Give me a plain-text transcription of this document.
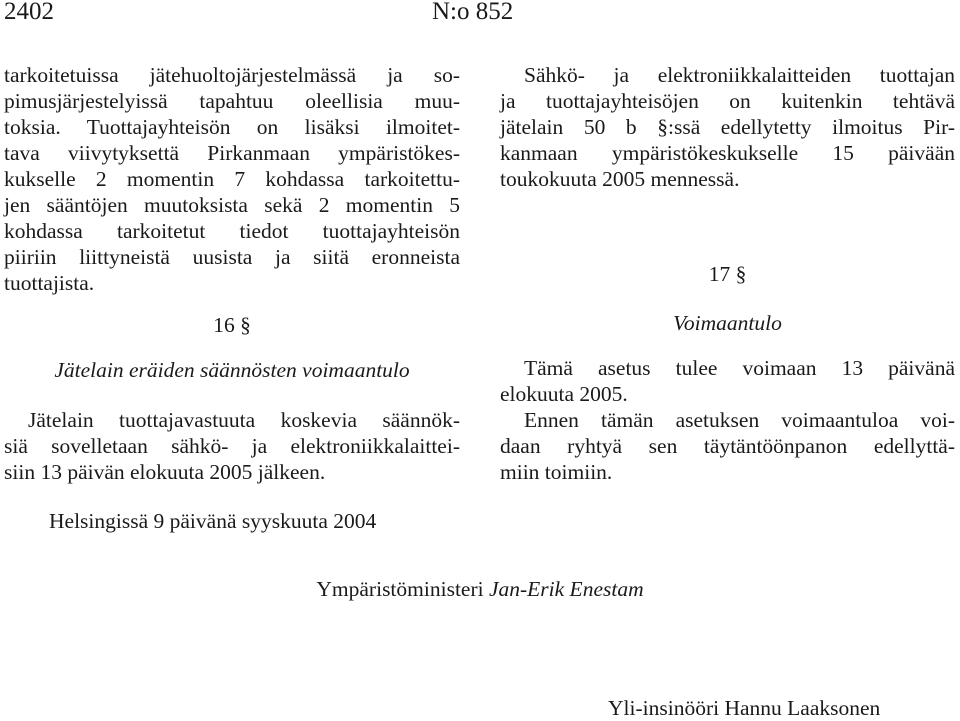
2402	N:o 852
tarkoitetuissa jätehuoltojärjestelmässä ja so-
pimusjärjestelyissä tapahtuu oleellisia muu-
toksia. Tuottajayhteisön on lisäksi ilmoitet-
tava viivytyksettä Pirkanmaan ympäristökes-
kukselle 2 momentin 7 kohdassa tarkoitettu-
jen sääntöjen muutoksista sekä 2 momentin 5
kohdassa tarkoitetut tiedot tuottajayhteisön
piiriin liittyneistä uusista ja siitä eronneista
tuottajista.
16 §
Jätelain eräiden säännösten voimaantulo
Jätelain tuottajavastuuta koskevia säännök-
siä sovelletaan sähkö- ja elektroniikkalaittei-
siin 13 päivän elokuuta 2005 jälkeen.
Sähkö- ja elektroniikkalaitteiden tuottajan
ja tuottajayhteisöjen on kuitenkin tehtävä
jätelain 50 b §:ssä edellytetty ilmoitus Pir-
kanmaan ympäristökeskukselle 15 päivään
toukokuuta 2005 mennessä.
17 §
Voimaantulo
Tämä asetus tulee voimaan 13 päivänä
elokuuta 2005.
Ennen tämän asetuksen voimaantuloa voi-
daan ryhtyä sen täytäntöönpanon edellyttä-
miin toimiin.
Helsingissä 9 päivänä syyskuuta 2004
Ympäristöministeri Jan-Erik Enestam
Yli-insinööri Hannu Laaksonen
